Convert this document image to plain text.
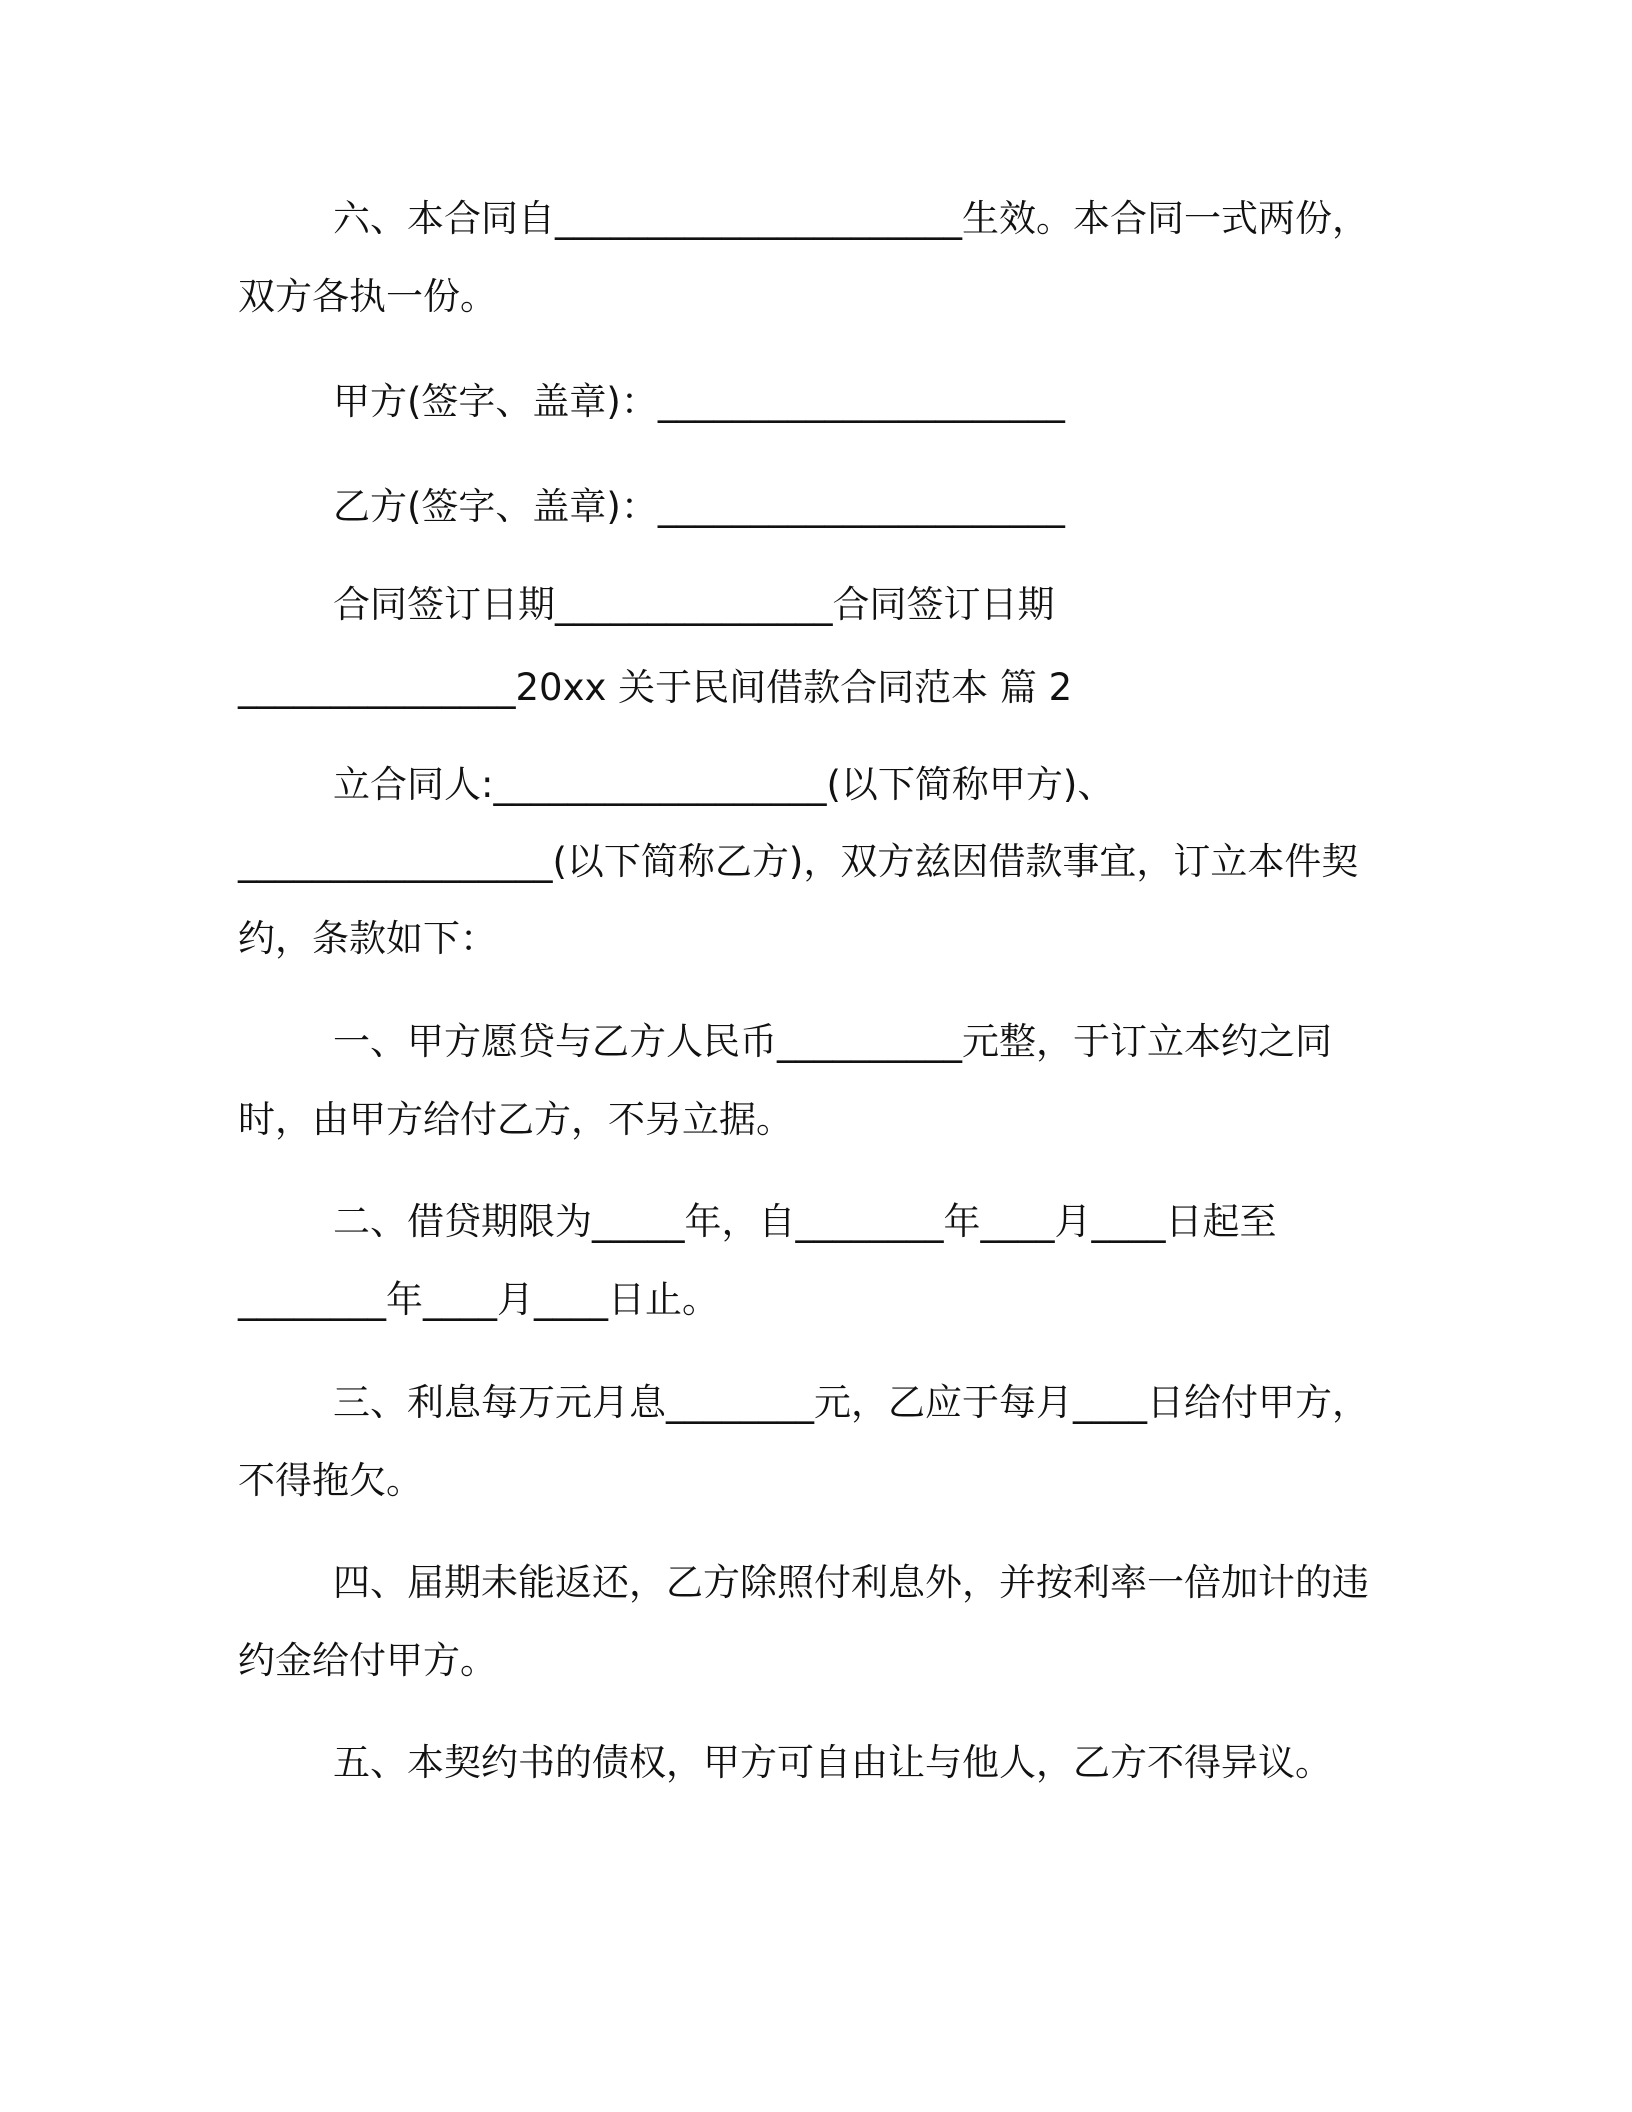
六、本合同自______________________生效。本合同一式两份，
双方各执一份。
甲方(签字、盖章)：______________________
乙方(签字、盖章)：______________________
合同签订日期_______________合同签订日期
_______________20xx 关于民间借款合同范本 篇 2
立合同人:__________________(以下简称甲方)、
_________________(以下简称乙方)，双方兹因借款事宜，订立本件契
约，条款如下：
一、甲方愿贷与乙方人民币__________元整，于订立本约之同
时，由甲方给付乙方，不另立据。
二、借贷期限为_____年，自________年____月____日起至
________年____月____日止。
三、利息每万元月息________元，乙应于每月____日给付甲方，
不得拖欠。
四、届期未能返还，乙方除照付利息外，并按利率一倍加计的违
约金给付甲方。
五、本契约书的债权，甲方可自由让与他人，乙方不得异议。
